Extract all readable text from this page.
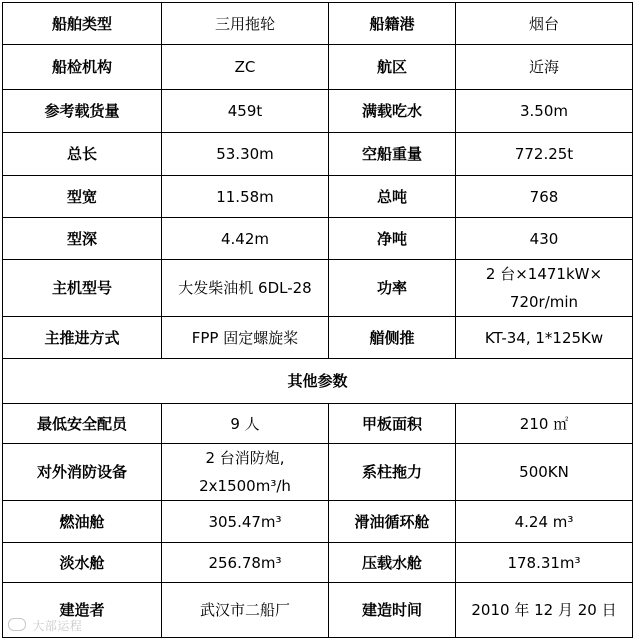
船舶类型	三用拖轮	船籍港	烟台
船检机构	ZC	航区	近海
参考载货量	459t	满载吃水	3.50m
总长	53.30m	空船重量	772.25t
型宽	11.58m	总吨	768
型深	4.42m	净吨	430
主机型号	大发柴油机 6DL-28	功率	2 台×1471kW×
720r/min

主推进方式	FPP 固定螺旋桨	艏侧推	KT-34, 1*125Kw
其他参数			
最低安全配员	9 人	甲板面积	210 ㎡
对外消防设备	2 台消防炮,
2x1500m³/h	系柱拖力	500KN
燃油舱	305.47m³	滑油循环舱	4.24 m³
淡水舱	256.78m³	压载水舱	178.31m³
建造者	武汉市二船厂	建造时间	2010 年 12 月 20 日
大部运程
